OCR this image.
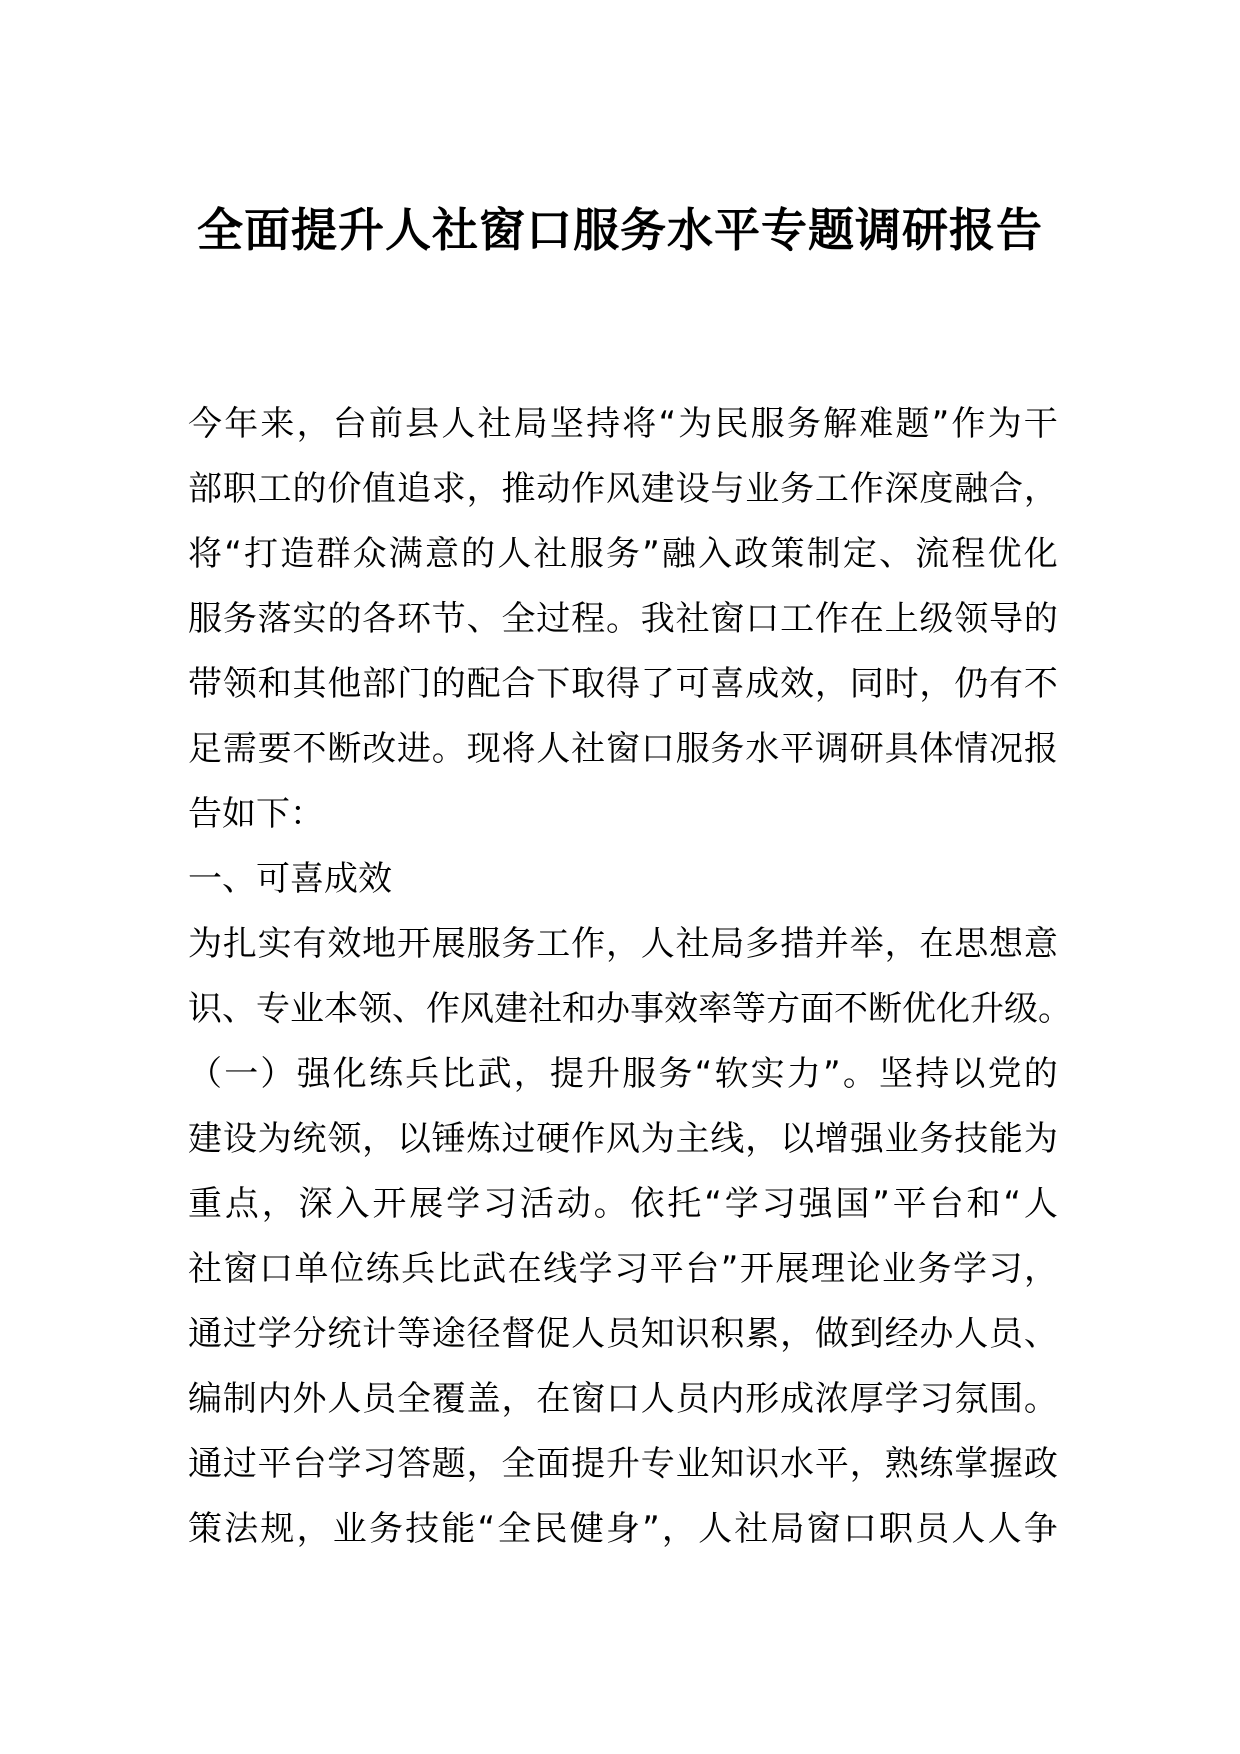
全面提升人社窗口服务水平专题调研报告
今 年 来 ， 台 前 县 人 社 局 坚 持 将 “ 为 民 服 务 解 难 题 ” 作 为 干
部 职 工 的 价 值 追 求 ， 推 动 作 风 建 设 与 业 务 工 作 深 度 融 合 ，
将 “ 打 造 群 众 满 意 的 人 社 服 务 ” 融 入 政 策 制 定 、 流 程 优 化
服 务 落 实 的 各 环 节 、 全 过 程 。 我 社 窗 口 工 作 在 上 级 领 导 的
带 领 和 其 他 部 门 的 配 合 下 取 得 了 可 喜 成 效 ， 同 时 ， 仍 有 不
足 需 要 不 断 改 进 。 现 将 人 社 窗 口 服 务 水 平 调 研 具 体 情 况 报
告如下：
一、可喜成效
为 扎 实 有 效 地 开 展 服 务 工 作 ， 人 社 局 多 措 并 举 ， 在 思 想 意
识 、 专 业 本 领 、 作 风 建 社 和 办 事 效 率 等 方 面 不 断 优 化 升 级 。
（ 一 ） 强 化 练 兵 比 武 ， 提 升 服 务 “ 软 实 力 ” 。 坚 持 以 党 的
建 设 为 统 领 ， 以 锤 炼 过 硬 作 风 为 主 线 ， 以 增 强 业 务 技 能 为
重 点 ， 深 入 开 展 学 习 活 动 。 依 托 “ 学 习 强 国 ” 平 台 和 “ 人
社 窗 口 单 位 练 兵 比 武 在 线 学 习 平 台 ” 开 展 理 论 业 务 学 习 ，
通 过 学 分 统 计 等 途 径 督 促 人 员 知 识 积 累 ， 做 到 经 办 人 员 、
编 制 内 外 人 员 全 覆 盖 ， 在 窗 口 人 员 内 形 成 浓 厚 学 习 氛 围 。
通 过 平 台 学 习 答 题 ， 全 面 提 升 专 业 知 识 水 平 ， 熟 练 掌 握 政
策 法 规 ， 业 务 技 能 “ 全 民 健 身 ” ， 人 社 局 窗 口 职 员 人 人 争
